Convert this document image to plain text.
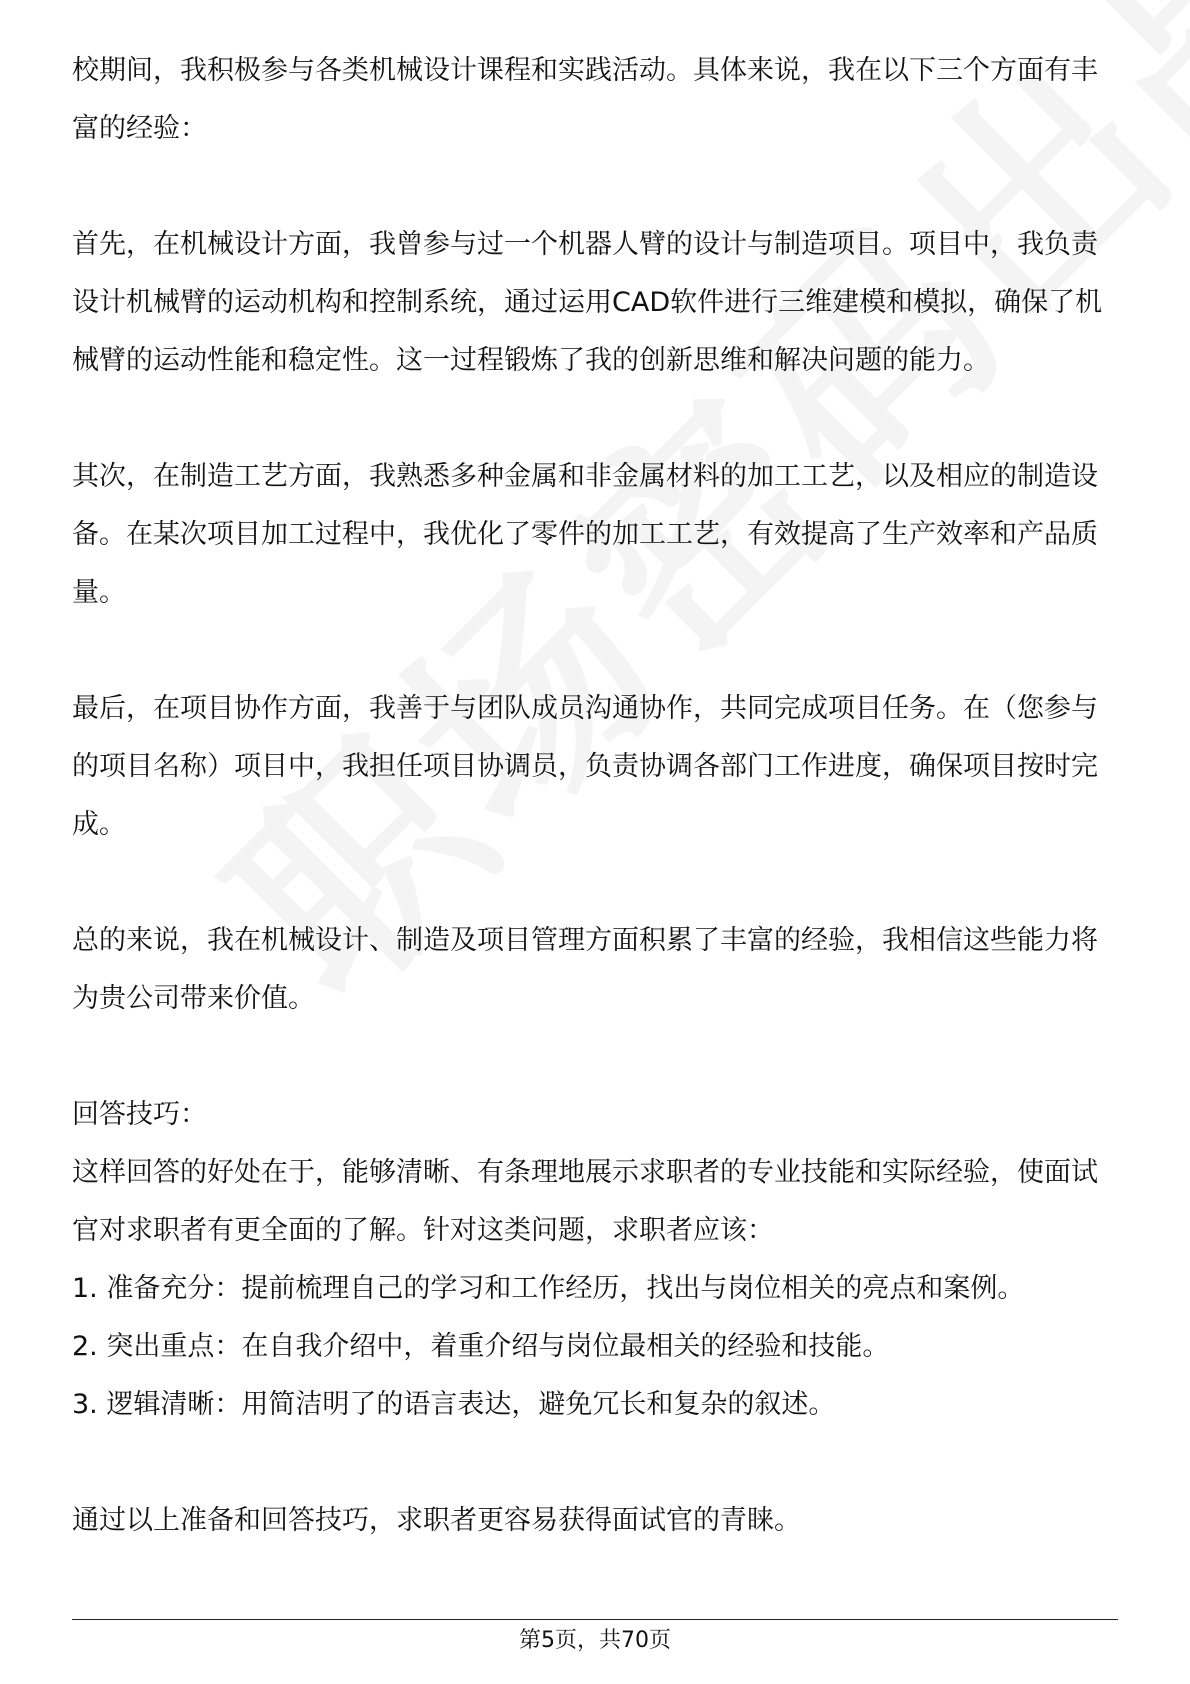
校期间，我积极参与各类机械设计课程和实践活动。具体来说，我在以下三个方面有丰富的经验：

首先，在机械设计方面，我曾参与过一个机器人臂的设计与制造项目。项目中，我负责设计机械臂的运动机构和控制系统，通过运用CAD软件进行三维建模和模拟，确保了机械臂的运动性能和稳定性。这一过程锻炼了我的创新思维和解决问题的能力。

其次，在制造工艺方面，我熟悉多种金属和非金属材料的加工工艺，以及相应的制造设备。在某次项目加工过程中，我优化了零件的加工工艺，有效提高了生产效率和产品质量。

最后，在项目协作方面，我善于与团队成员沟通协作，共同完成项目任务。在（您参与的项目名称）项目中，我担任项目协调员，负责协调各部门工作进度，确保项目按时完成。

总的来说，我在机械设计、制造及项目管理方面积累了丰富的经验，我相信这些能力将为贵公司带来价值。

回答技巧：

这样回答的好处在于，能够清晰、有条理地展示求职者的专业技能和实际经验，使面试官对求职者有更全面的了解。针对这类问题，求职者应该：

1. 准备充分：提前梳理自己的学习和工作经历，找出与岗位相关的亮点和案例。

2. 突出重点：在自我介绍中，着重介绍与岗位最相关的经验和技能。

3. 逻辑清晰：用简洁明了的语言表达，避免冗长和复杂的叙述。

通过以上准备和回答技巧，求职者更容易获得面试官的青睐。

第5页，共70页
